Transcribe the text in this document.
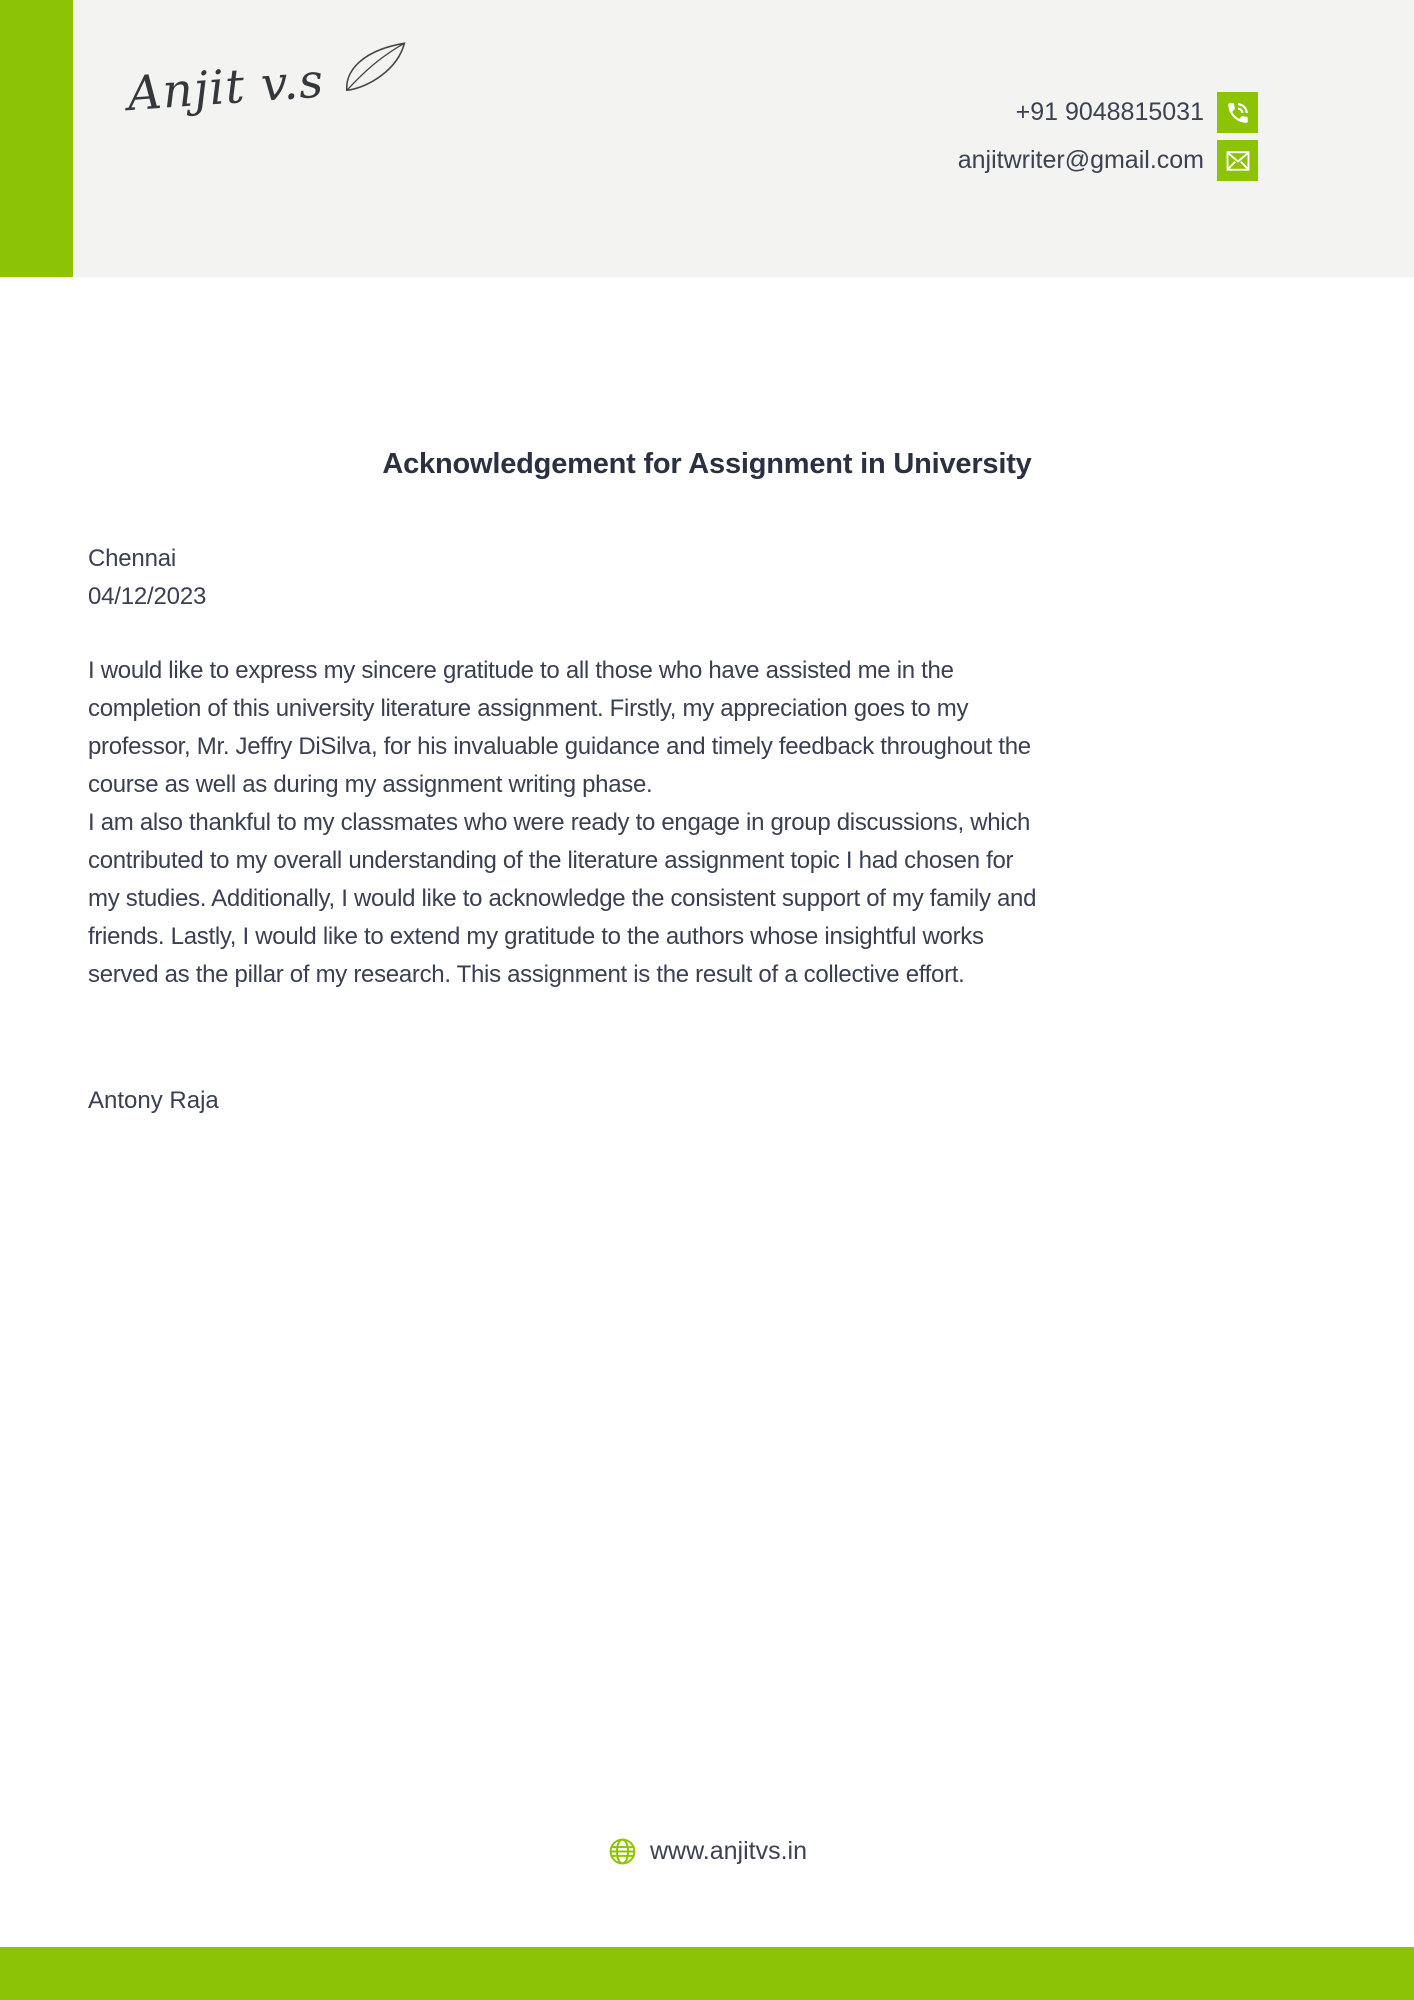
Anjit v.s	+91 9048815031
anjitwriter@gmail.com
Acknowledgement for Assignment in University
Chennai
04/12/2023

I would like to express my sincere gratitude to all those who have assisted me in the completion of this university literature assignment. Firstly, my appreciation goes to my professor, Mr. Jeffry DiSilva, for his invaluable guidance and timely feedback throughout the course as well as during my assignment writing phase.

I am also thankful to my classmates who were ready to engage in group discussions, which contributed to my overall understanding of the literature assignment topic I had chosen for my studies. Additionally, I would like to acknowledge the consistent support of my family and friends. Lastly, I would like to extend my gratitude to the authors whose insightful works served as the pillar of my research. This assignment is the result of a collective effort.

Antony Raja
www.anjitvs.in
